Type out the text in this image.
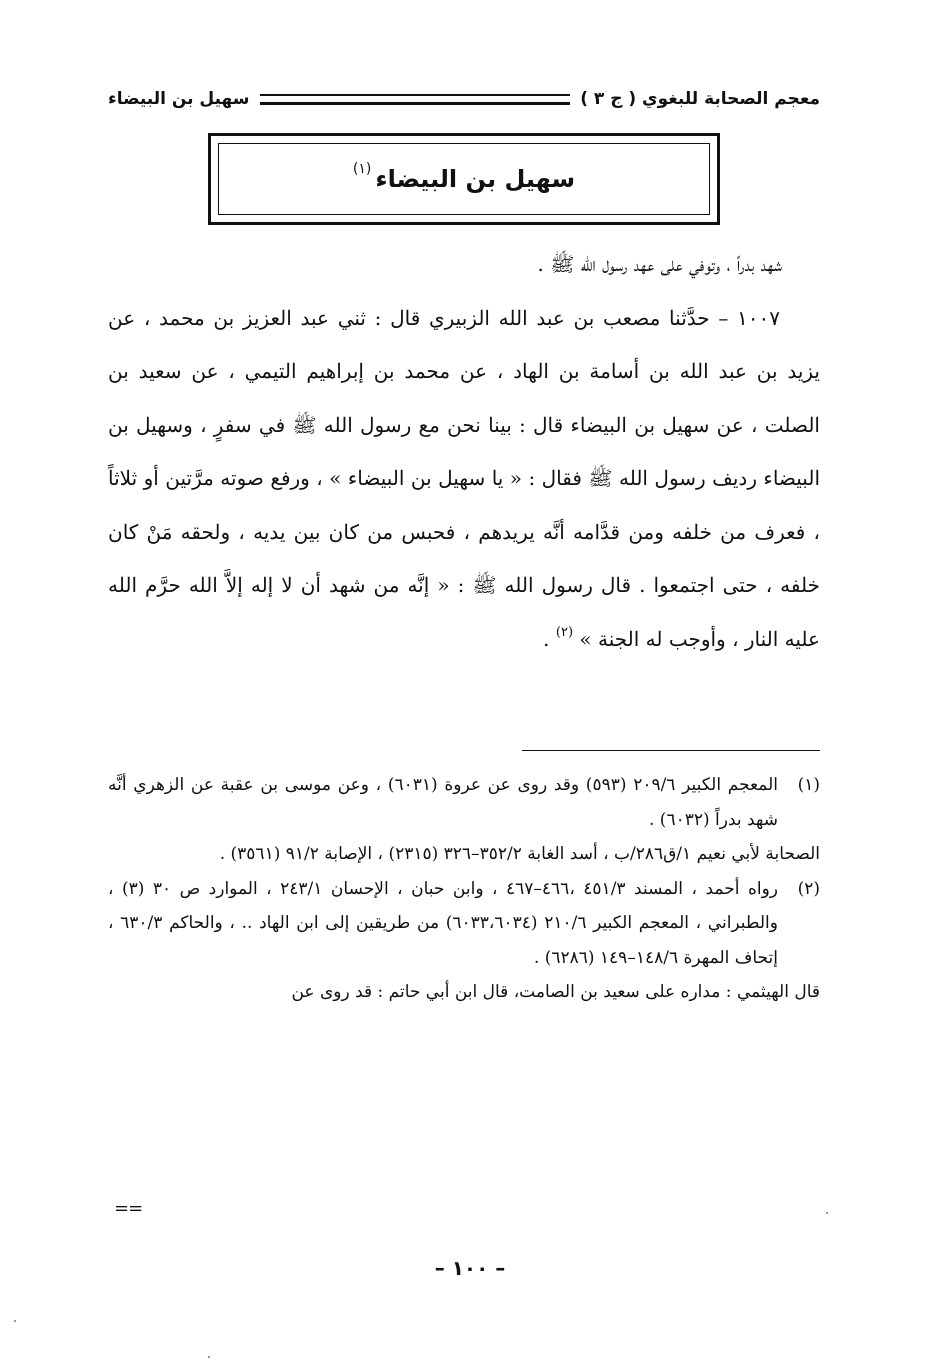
معجم الصحابة للبغوي ( ج ٣ )
سهيل بن البيضاء
سهيل بن البيضاء
(١)

شهد بدراً ، وتوفي على عهد رسول الله ﷺ .

١٠٠٧ – حدَّثنا مصعب بن عبد الله الزبيري قال : ثني عبد العزيز بن محمد ، عن يزيد بن عبد الله بن أسامة بن الهاد ، عن محمد بن إبراهيم التيمي ، عن سعيد بن الصلت ، عن سهيل بن البيضاء قال : بينا نحن مع رسول الله ﷺ في سفرٍ ، وسهيل بن البيضاء رديف رسول الله ﷺ فقال : « يا سهيل بن البيضاء » ، ورفع صوته مرَّتين أو ثلاثاً ، فعرف من خلفه ومن قدَّامه أنَّه يريدهم ، فحبس من كان بين يديه ، ولحقه مَنْ كان خلفه ، حتى اجتمعوا . قال رسول الله ﷺ : « إنَّه من شهد أن لا إله إلاَّ الله حرَّم الله عليه النار ، وأوجب له الجنة » $^{(٢)}$ .

(١)

المعجم الكبير ٢٠٩/٦ (٥٩٣) وقد روى عن عروة (٦٠٣١) ، وعن موسى بن عقبة عن الزهري أنَّه شهد بدراً (٦٠٣٢) .

الصحابة لأبي نعيم ١/ق٢٨٦/ب ، أسد الغابة ٣٥٢/٢–٣٢٦ (٢٣١٥) ، الإصابة ٩١/٢ (٣٥٦١) .

(٢)

رواه أحمد ، المسند ٤٥١/٣ ،٤٦٦–٤٦٧ ، وابن حبان ، الإحسان ٢٤٣/١ ، الموارد ص ٣٠ (٣) ، والطبراني ، المعجم الكبير ٢١٠/٦ (٦٠٣٣،٦٠٣٤) من طريقين إلى ابن الهاد .. ، والحاكم ٦٣٠/٣ ، إتحاف المهرة ١٤٨/٦–١٤٩ (٦٢٨٦) .

قال الهيثمي : مداره على سعيد بن الصامت، قال ابن أبي حاتم : قد روى عن

==
– ١٠٠ –
